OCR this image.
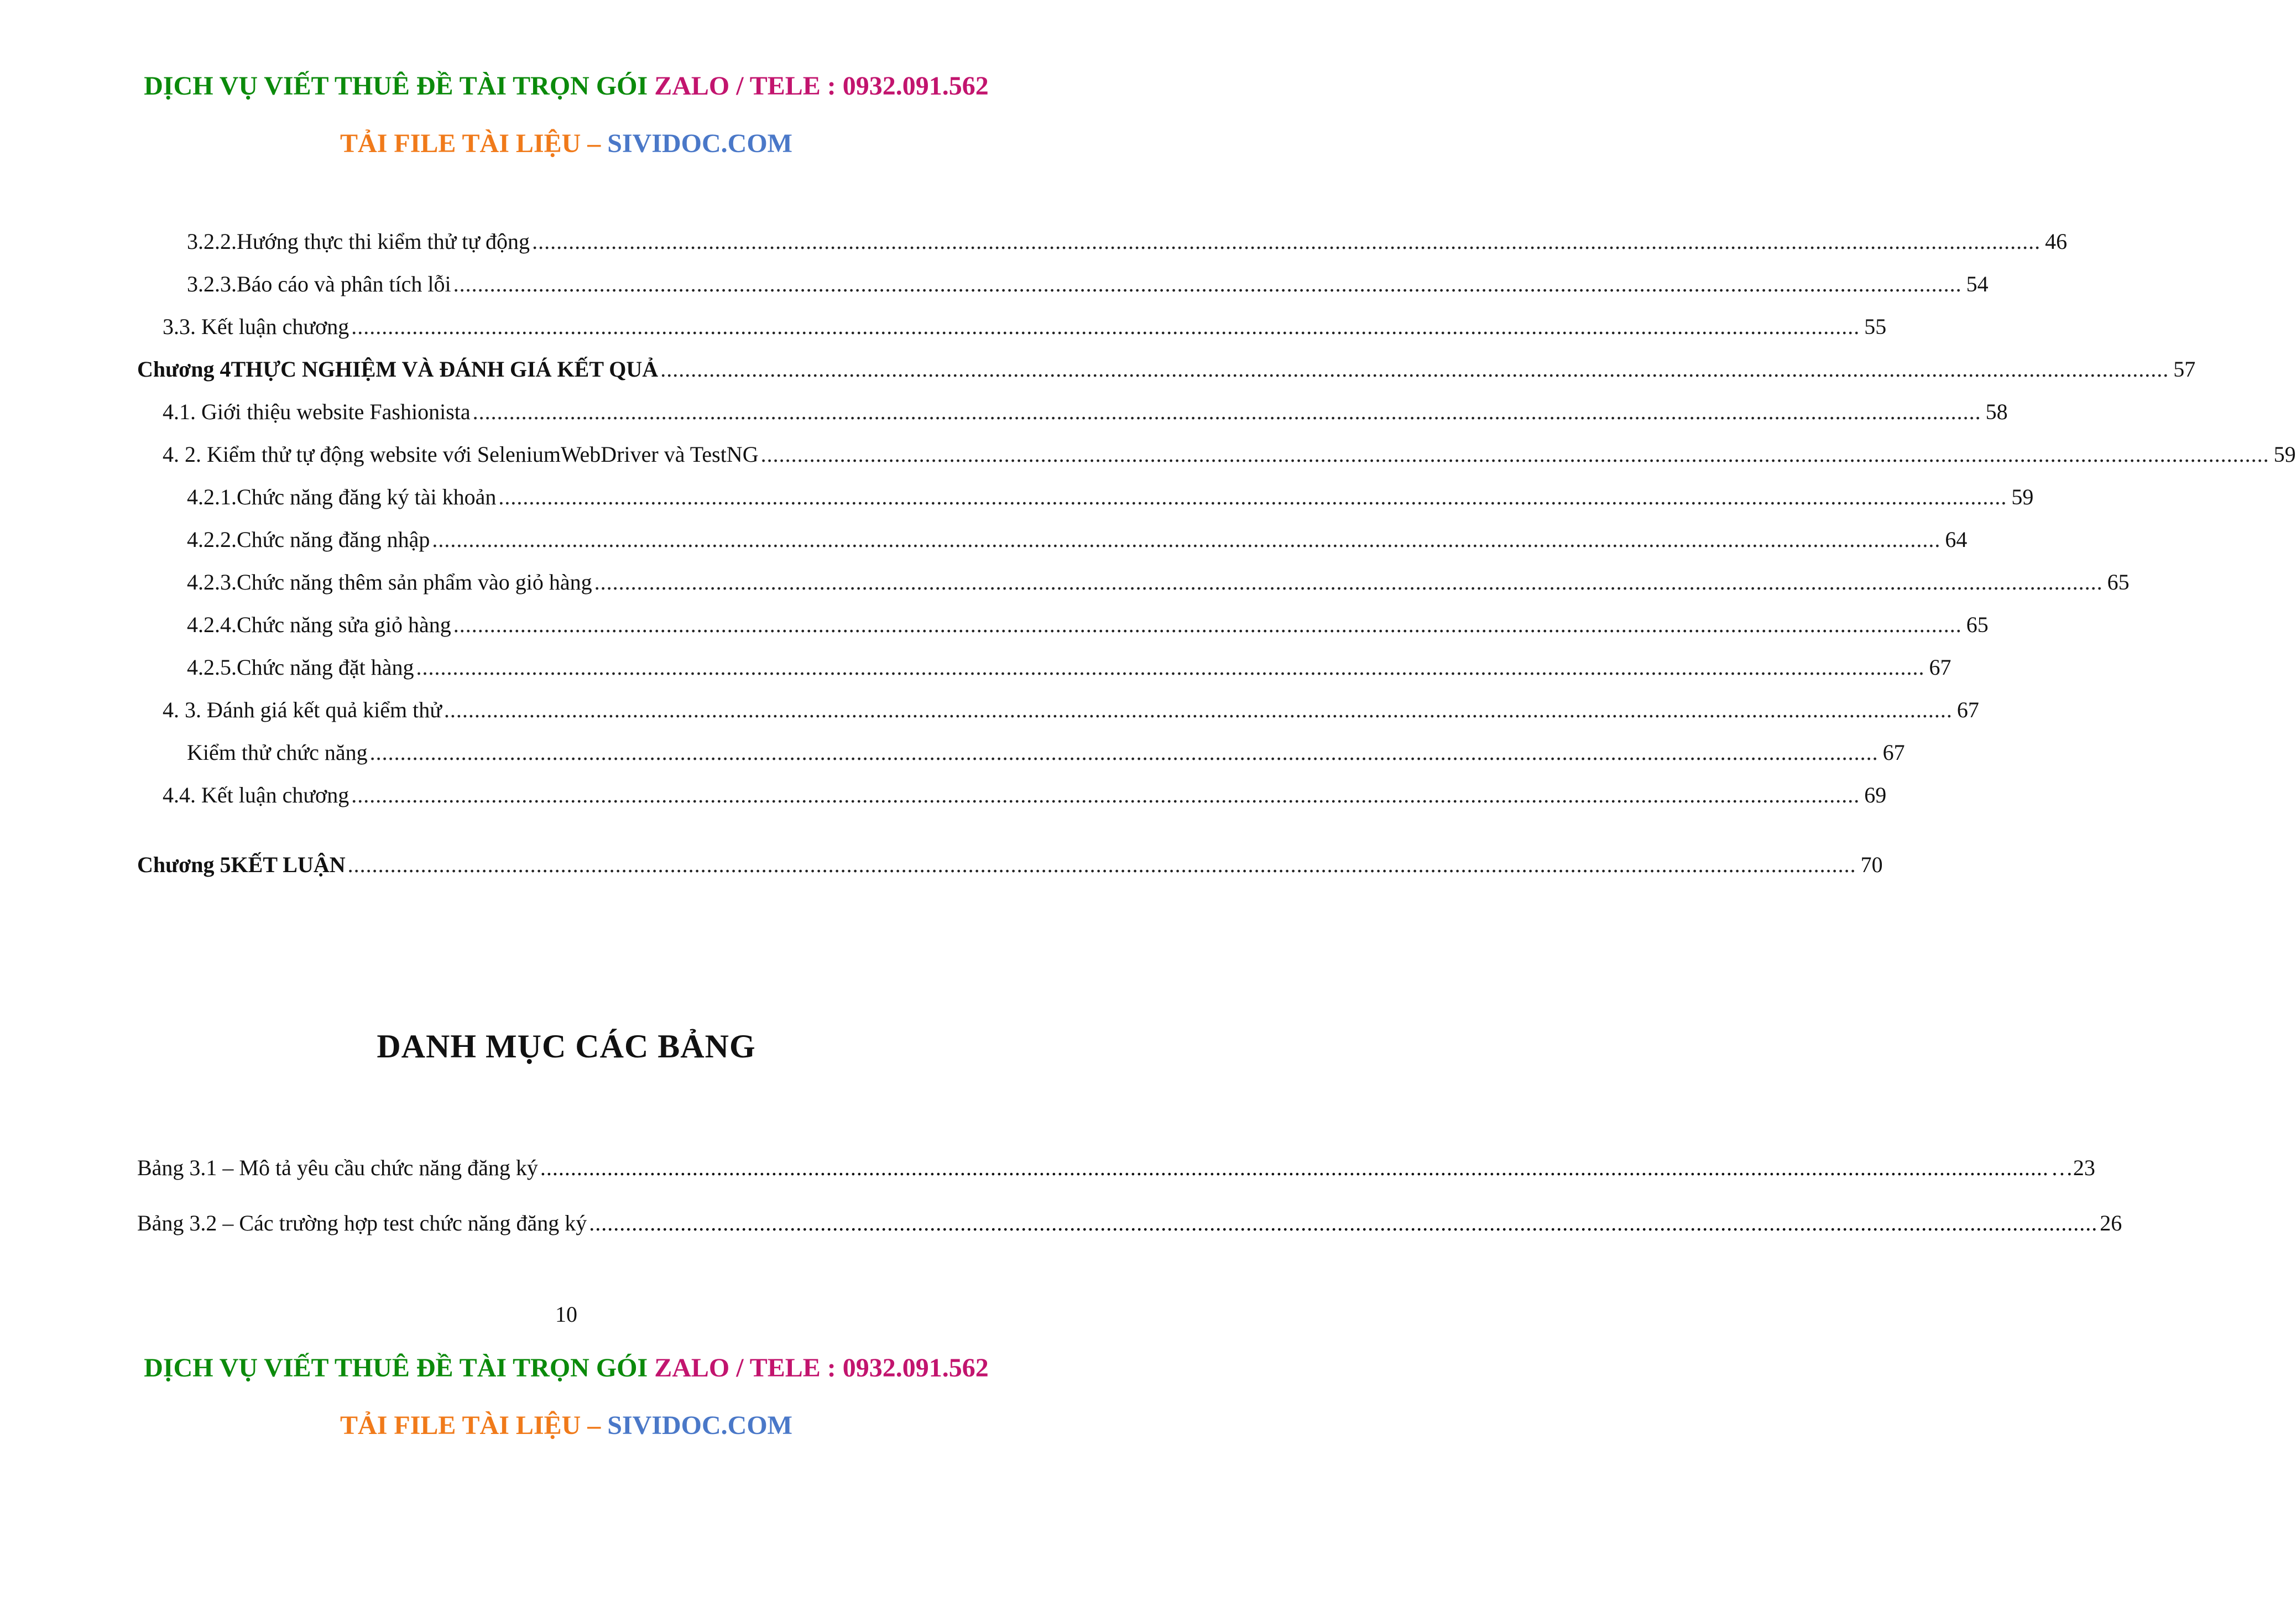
DỊCH VỤ VIẾT THUÊ ĐỀ TÀI TRỌN GÓI ZALO / TELE : 0932.091.562
TẢI FILE TÀI LIỆU – SIVIDOC.COM
3.2.2. Hướng thực thi kiểm thử tự động ........................................................................................................................................................................................................................................................ 46
3.2.3. Báo cáo và phân tích lỗi ........................................................................................................................................................................................................................................................ 54
3. 3. Kết luận chương ........................................................................................................................................................................................................................................................ 55
Chương 4 THỰC NGHIỆM VÀ ĐÁNH GIÁ KẾT QUẢ ........................................................................................................................................................................................................................................................ 57
4. 1. Giới thiệu website Fashionista ........................................................................................................................................................................................................................................................ 58
4. 2. Kiểm thử tự động website với SeleniumWebDriver và TestNG ........................................................................................................................................................................................................................................................ 59
4.2.1. Chức năng đăng ký tài khoản ........................................................................................................................................................................................................................................................ 59
4.2.2. Chức năng đăng nhập ........................................................................................................................................................................................................................................................ 64
4.2.3. Chức năng thêm sản phẩm vào giỏ hàng ........................................................................................................................................................................................................................................................ 65
4.2.4. Chức năng sửa giỏ hàng ........................................................................................................................................................................................................................................................ 65
4.2.5. Chức năng đặt hàng ........................................................................................................................................................................................................................................................ 67
4. 3. Đánh giá kết quả kiểm thử ........................................................................................................................................................................................................................................................ 67
Kiểm thử chức năng ........................................................................................................................................................................................................................................................ 67
4. 4. Kết luận chương ........................................................................................................................................................................................................................................................ 69
Chương 5 KẾT LUẬN ........................................................................................................................................................................................................................................................ 70
DANH MỤC CÁC BẢNG
Bảng 3.1 – Mô tả yêu cầu chức năng đăng ký ........................................................................................................................................................................................................................................................ … 23
Bảng 3.2 – Các trường hợp test chức năng đăng ký ........................................................................................................................................................................................................................................................ 26
10
DỊCH VỤ VIẾT THUÊ ĐỀ TÀI TRỌN GÓI ZALO / TELE : 0932.091.562
TẢI FILE TÀI LIỆU – SIVIDOC.COM
